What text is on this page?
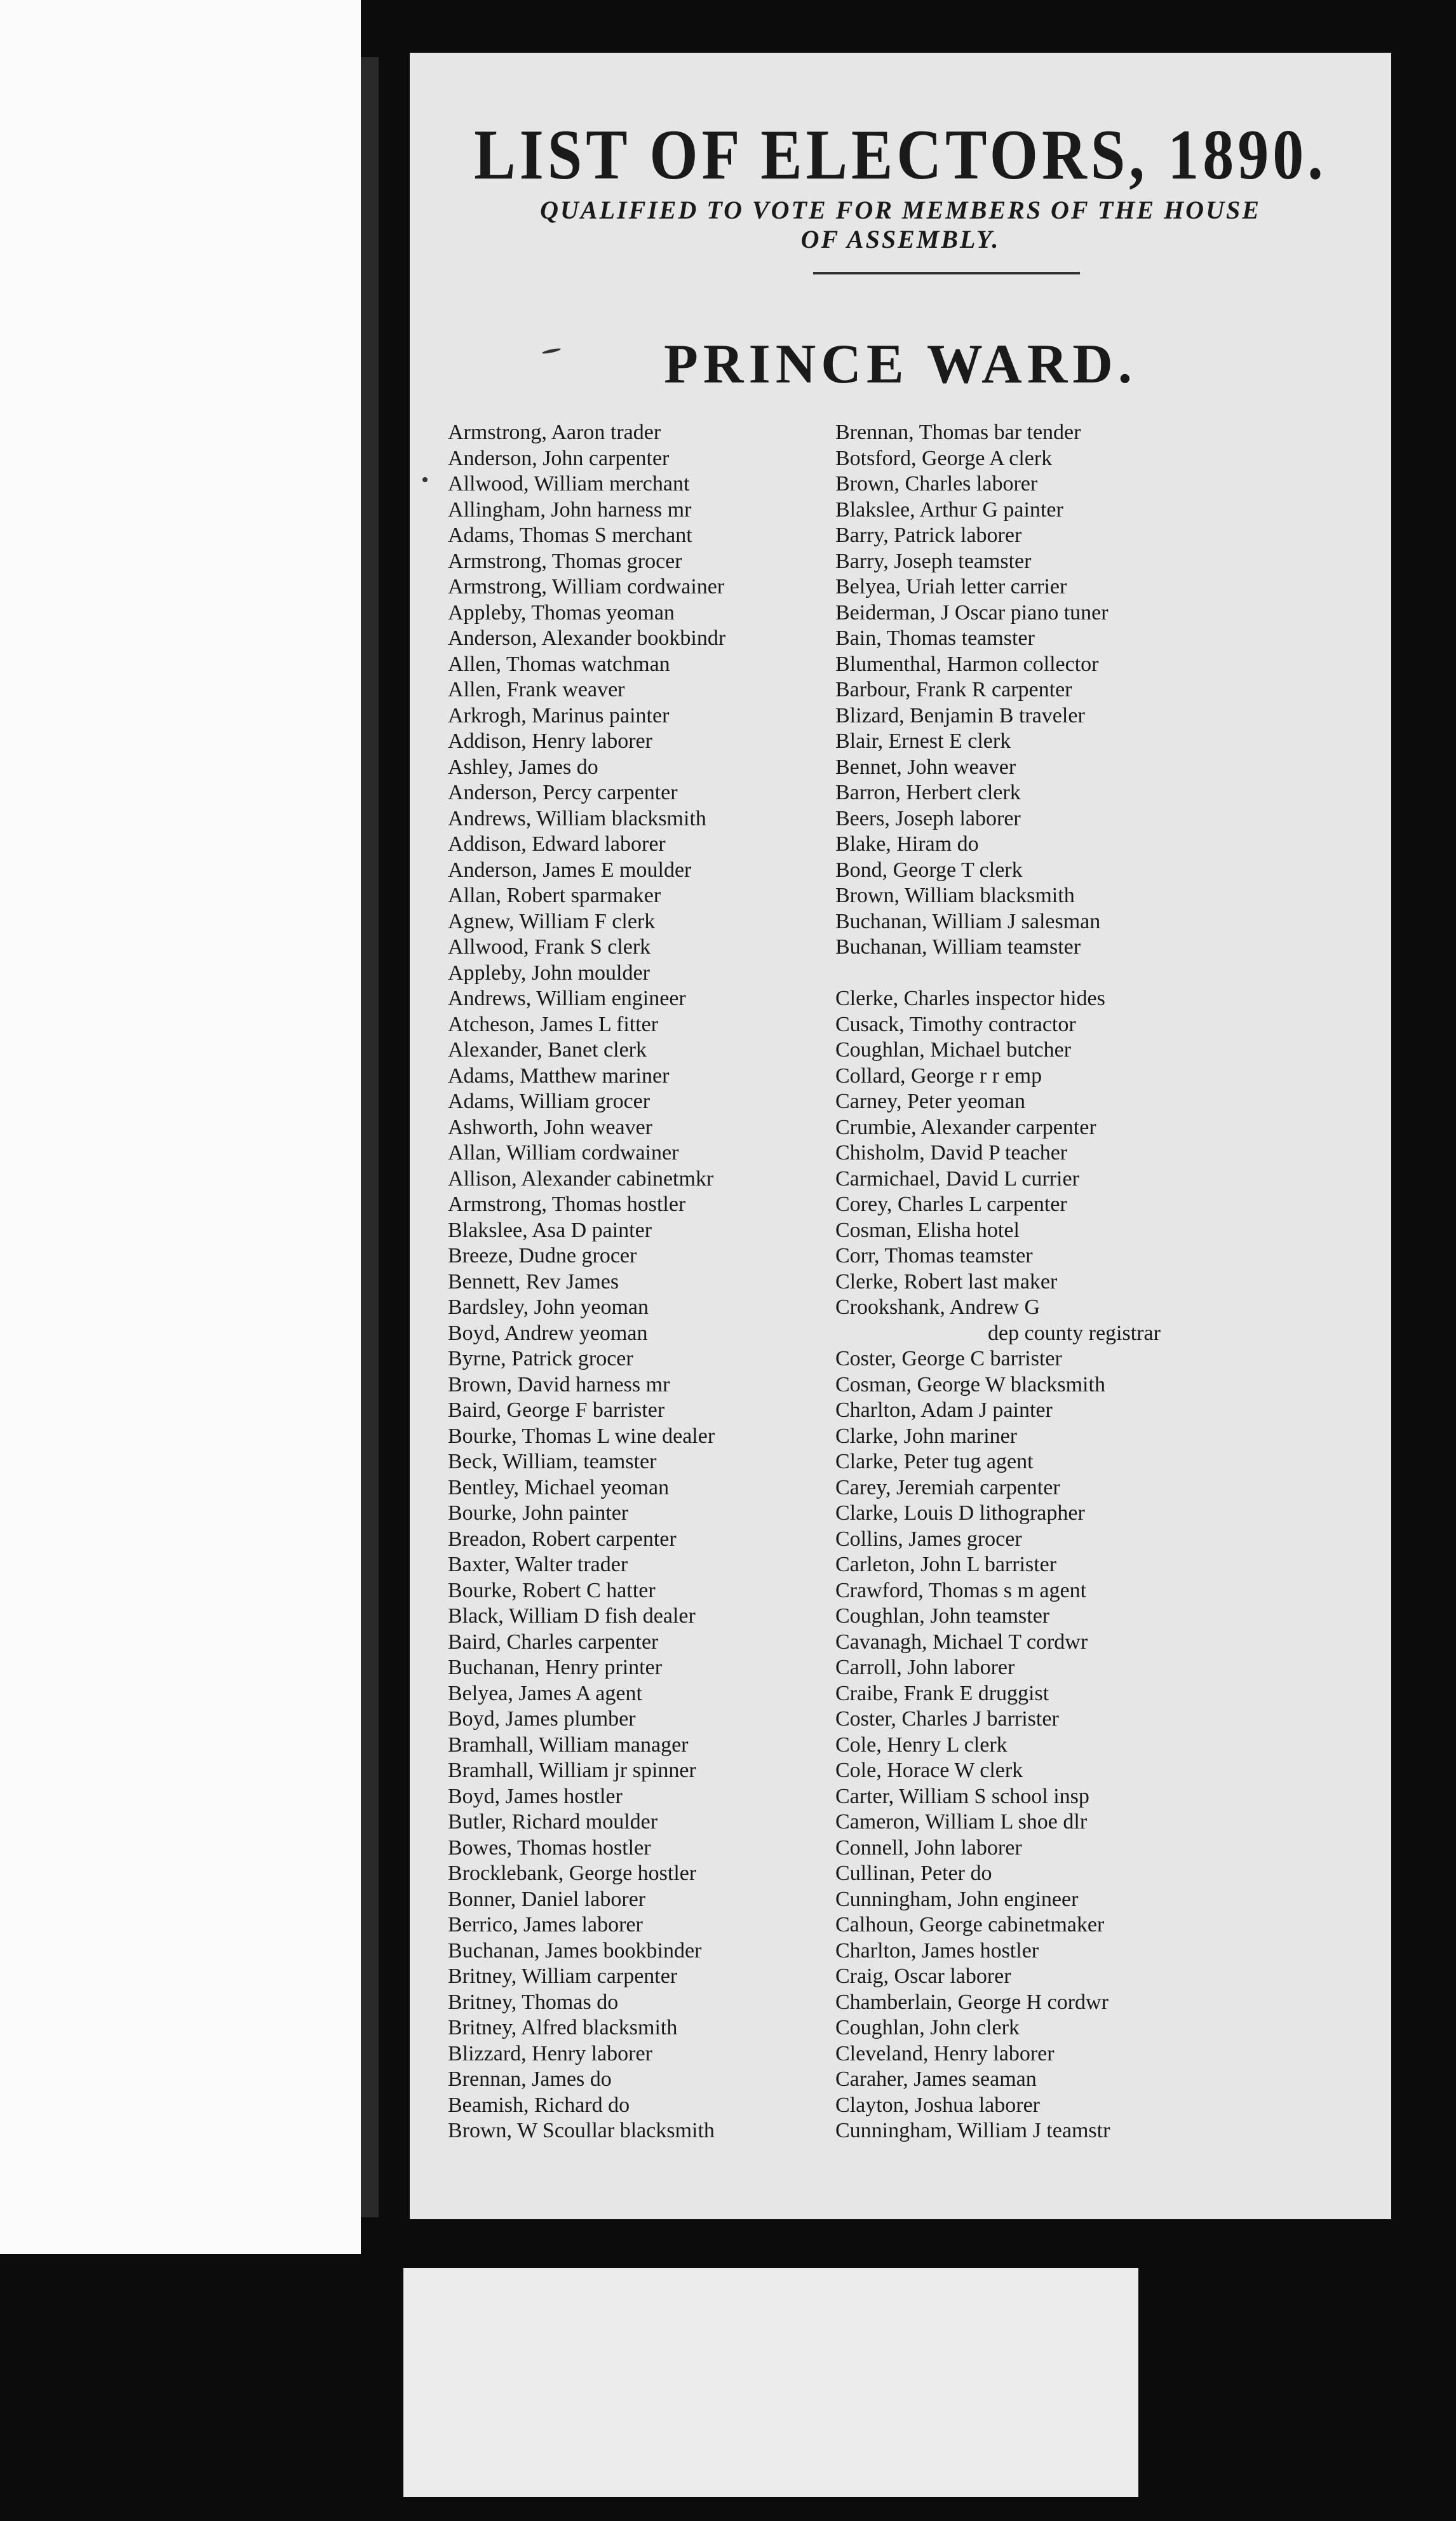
LIST OF ELECTORS, 1890.
QUALIFIED TO VOTE FOR MEMBERS OF THE HOUSE
OF ASSEMBLY.
PRINCE WARD.
Armstrong, Aaron trader
Anderson, John carpenter
Allwood, William merchant
Allingham, John harness mr
Adams, Thomas S merchant
Armstrong, Thomas grocer
Armstrong, William cordwainer
Appleby, Thomas yeoman
Anderson, Alexander bookbindr
Allen, Thomas watchman
Allen, Frank weaver
Arkrogh, Marinus painter
Addison, Henry laborer
Ashley, James do
Anderson, Percy carpenter
Andrews, William blacksmith
Addison, Edward laborer
Anderson, James E moulder
Allan, Robert sparmaker
Agnew, William F clerk
Allwood, Frank S clerk
Appleby, John moulder
Andrews, William engineer
Atcheson, James L fitter
Alexander, Banet clerk
Adams, Matthew mariner
Adams, William grocer
Ashworth, John weaver
Allan, William cordwainer
Allison, Alexander cabinetmkr
Armstrong, Thomas hostler
Blakslee, Asa D painter
Breeze, Dudne grocer
Bennett, Rev James
Bardsley, John yeoman
Boyd, Andrew yeoman
Byrne, Patrick grocer
Brown, David harness mr
Baird, George F barrister
Bourke, Thomas L wine dealer
Beck, William, teamster
Bentley, Michael yeoman
Bourke, John painter
Breadon, Robert carpenter
Baxter, Walter trader
Bourke, Robert C hatter
Black, William D fish dealer
Baird, Charles carpenter
Buchanan, Henry printer
Belyea, James A agent
Boyd, James plumber
Bramhall, William manager
Bramhall, William jr spinner
Boyd, James hostler
Butler, Richard moulder
Bowes, Thomas hostler
Brocklebank, George hostler
Bonner, Daniel laborer
Berrico, James laborer
Buchanan, James bookbinder
Britney, William carpenter
Britney, Thomas do
Britney, Alfred blacksmith
Blizzard, Henry laborer
Brennan, James do
Beamish, Richard do
Brown, W Scoullar blacksmith
Brennan, Thomas bar tender
Botsford, George A clerk
Brown, Charles laborer
Blakslee, Arthur G painter
Barry, Patrick laborer
Barry, Joseph teamster
Belyea, Uriah letter carrier
Beiderman, J Oscar piano tuner
Bain, Thomas teamster
Blumenthal, Harmon collector
Barbour, Frank R carpenter
Blizard, Benjamin B traveler
Blair, Ernest E clerk
Bennet, John weaver
Barron, Herbert clerk
Beers, Joseph laborer
Blake, Hiram do
Bond, George T clerk
Brown, William blacksmith
Buchanan, William J salesman
Buchanan, William teamster
Clerke, Charles inspector hides
Cusack, Timothy contractor
Coughlan, Michael butcher
Collard, George r r emp
Carney, Peter yeoman
Crumbie, Alexander carpenter
Chisholm, David P teacher
Carmichael, David L currier
Corey, Charles L carpenter
Cosman, Elisha hotel
Corr, Thomas teamster
Clerke, Robert last maker
Crookshank, Andrew G
dep county registrar
Coster, George C barrister
Cosman, George W blacksmith
Charlton, Adam J painter
Clarke, John mariner
Clarke, Peter tug agent
Carey, Jeremiah carpenter
Clarke, Louis D lithographer
Collins, James grocer
Carleton, John L barrister
Crawford, Thomas s m agent
Coughlan, John teamster
Cavanagh, Michael T cordwr
Carroll, John laborer
Craibe, Frank E druggist
Coster, Charles J barrister
Cole, Henry L clerk
Cole, Horace W clerk
Carter, William S school insp
Cameron, William L shoe dlr
Connell, John laborer
Cullinan, Peter do
Cunningham, John engineer
Calhoun, George cabinetmaker
Charlton, James hostler
Craig, Oscar laborer
Chamberlain, George H cordwr
Coughlan, John clerk
Cleveland, Henry laborer
Caraher, James seaman
Clayton, Joshua laborer
Cunningham, William J teamstr
